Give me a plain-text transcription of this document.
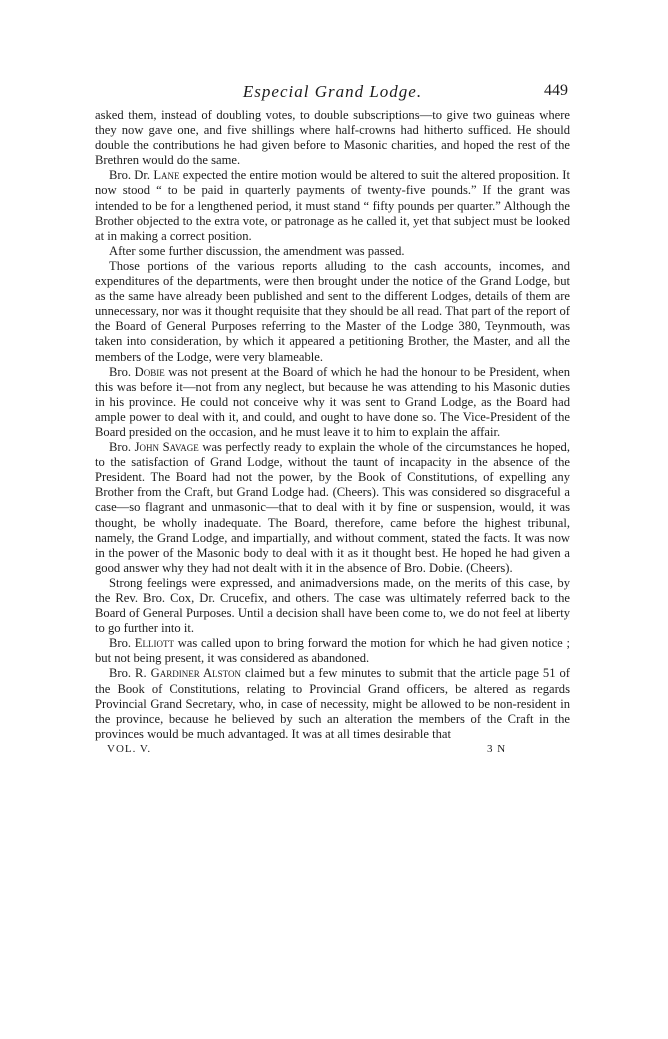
Especial Grand Lodge.	449

asked them, instead of doubling votes, to double subscriptions—to give two guineas where they now gave one, and five shillings where half-crowns had hitherto sufficed. He should double the contributions he had given before to Masonic charities, and hoped the rest of the Brethren would do the same.

Bro. Dr. Lane expected the entire motion would be altered to suit the altered proposition. It now stood “ to be paid in quarterly payments of twenty-five pounds.” If the grant was intended to be for a lengthened period, it must stand “ fifty pounds per quarter.” Although the Brother objected to the extra vote, or patronage as he called it, yet that subject must be looked at in making a correct position.

After some further discussion, the amendment was passed.

Those portions of the various reports alluding to the cash accounts, incomes, and expenditures of the departments, were then brought under the notice of the Grand Lodge, but as the same have already been published and sent to the different Lodges, details of them are unnecessary, nor was it thought requisite that they should be all read. That part of the report of the Board of General Purposes referring to the Master of the Lodge 380, Teynmouth, was taken into consideration, by which it appeared a petitioning Brother, the Master, and all the members of the Lodge, were very blameable.

Bro. Dobie was not present at the Board of which he had the honour to be President, when this was before it—not from any neglect, but because he was attending to his Masonic duties in his province. He could not conceive why it was sent to Grand Lodge, as the Board had ample power to deal with it, and could, and ought to have done so. The Vice-President of the Board presided on the occasion, and he must leave it to him to explain the affair.

Bro. John Savage was perfectly ready to explain the whole of the circumstances he hoped, to the satisfaction of Grand Lodge, without the taunt of incapacity in the absence of the President. The Board had not the power, by the Book of Constitutions, of expelling any Brother from the Craft, but Grand Lodge had. (Cheers). This was considered so disgraceful a case—so flagrant and unmasonic—that to deal with it by fine or suspension, would, it was thought, be wholly inadequate. The Board, therefore, came before the highest tribunal, namely, the Grand Lodge, and impartially, and without comment, stated the facts. It was now in the power of the Masonic body to deal with it as it thought best. He hoped he had given a good answer why they had not dealt with it in the absence of Bro. Dobie. (Cheers).

Strong feelings were expressed, and animadversions made, on the merits of this case, by the Rev. Bro. Cox, Dr. Crucefix, and others. The case was ultimately referred back to the Board of General Purposes. Until a decision shall have been come to, we do not feel at liberty to go further into it.

Bro. Elliott was called upon to bring forward the motion for which he had given notice ; but not being present, it was considered as abandoned.

Bro. R. Gardiner Alston claimed but a few minutes to submit that the article page 51 of the Book of Constitutions, relating to Provincial Grand officers, be altered as regards Provincial Grand Secretary, who, in case of necessity, might be allowed to be non-resident in the province, because he believed by such an alteration the members of the Craft in the provinces would be much advantaged. It was at all times desirable that

VOL. V.	3 N
